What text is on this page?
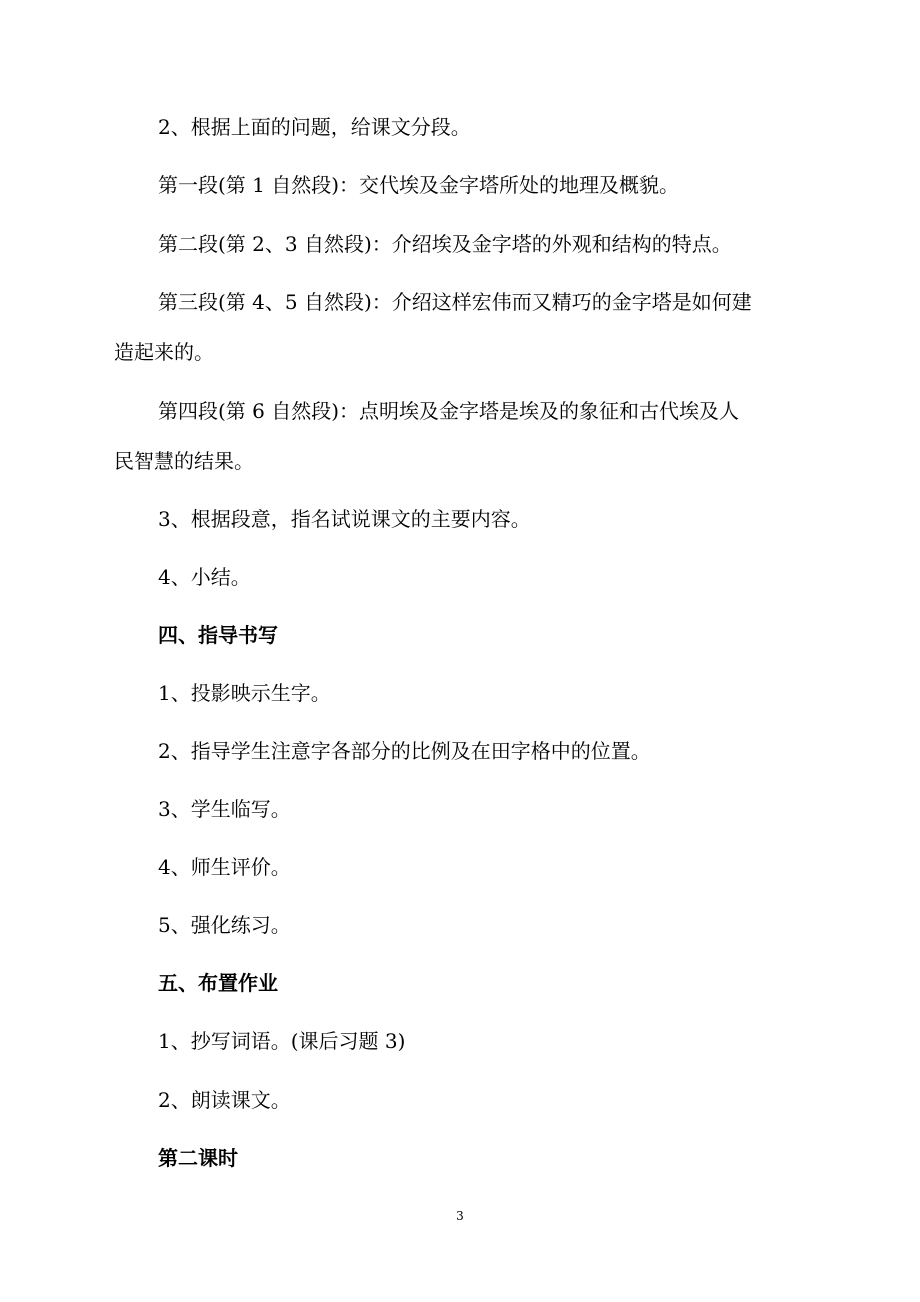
2、根据上面的问题，给课文分段。

第一段(第 1 自然段)：交代埃及金字塔所处的地理及概貌。

第二段(第 2、3 自然段)：介绍埃及金字塔的外观和结构的特点。

第三段(第 4、5 自然段)：介绍这样宏伟而又精巧的金字塔是如何建

造起来的。

第四段(第 6 自然段)：点明埃及金字塔是埃及的象征和古代埃及人

民智慧的结果。

3、根据段意，指名试说课文的主要内容。

4、小结。

四、指导书写

1、投影映示生字。

2、指导学生注意字各部分的比例及在田字格中的位置。

3、学生临写。

4、师生评价。

5、强化练习。

五、布置作业

1、抄写词语。(课后习题 3)

2、朗读课文。

第二课时

3
